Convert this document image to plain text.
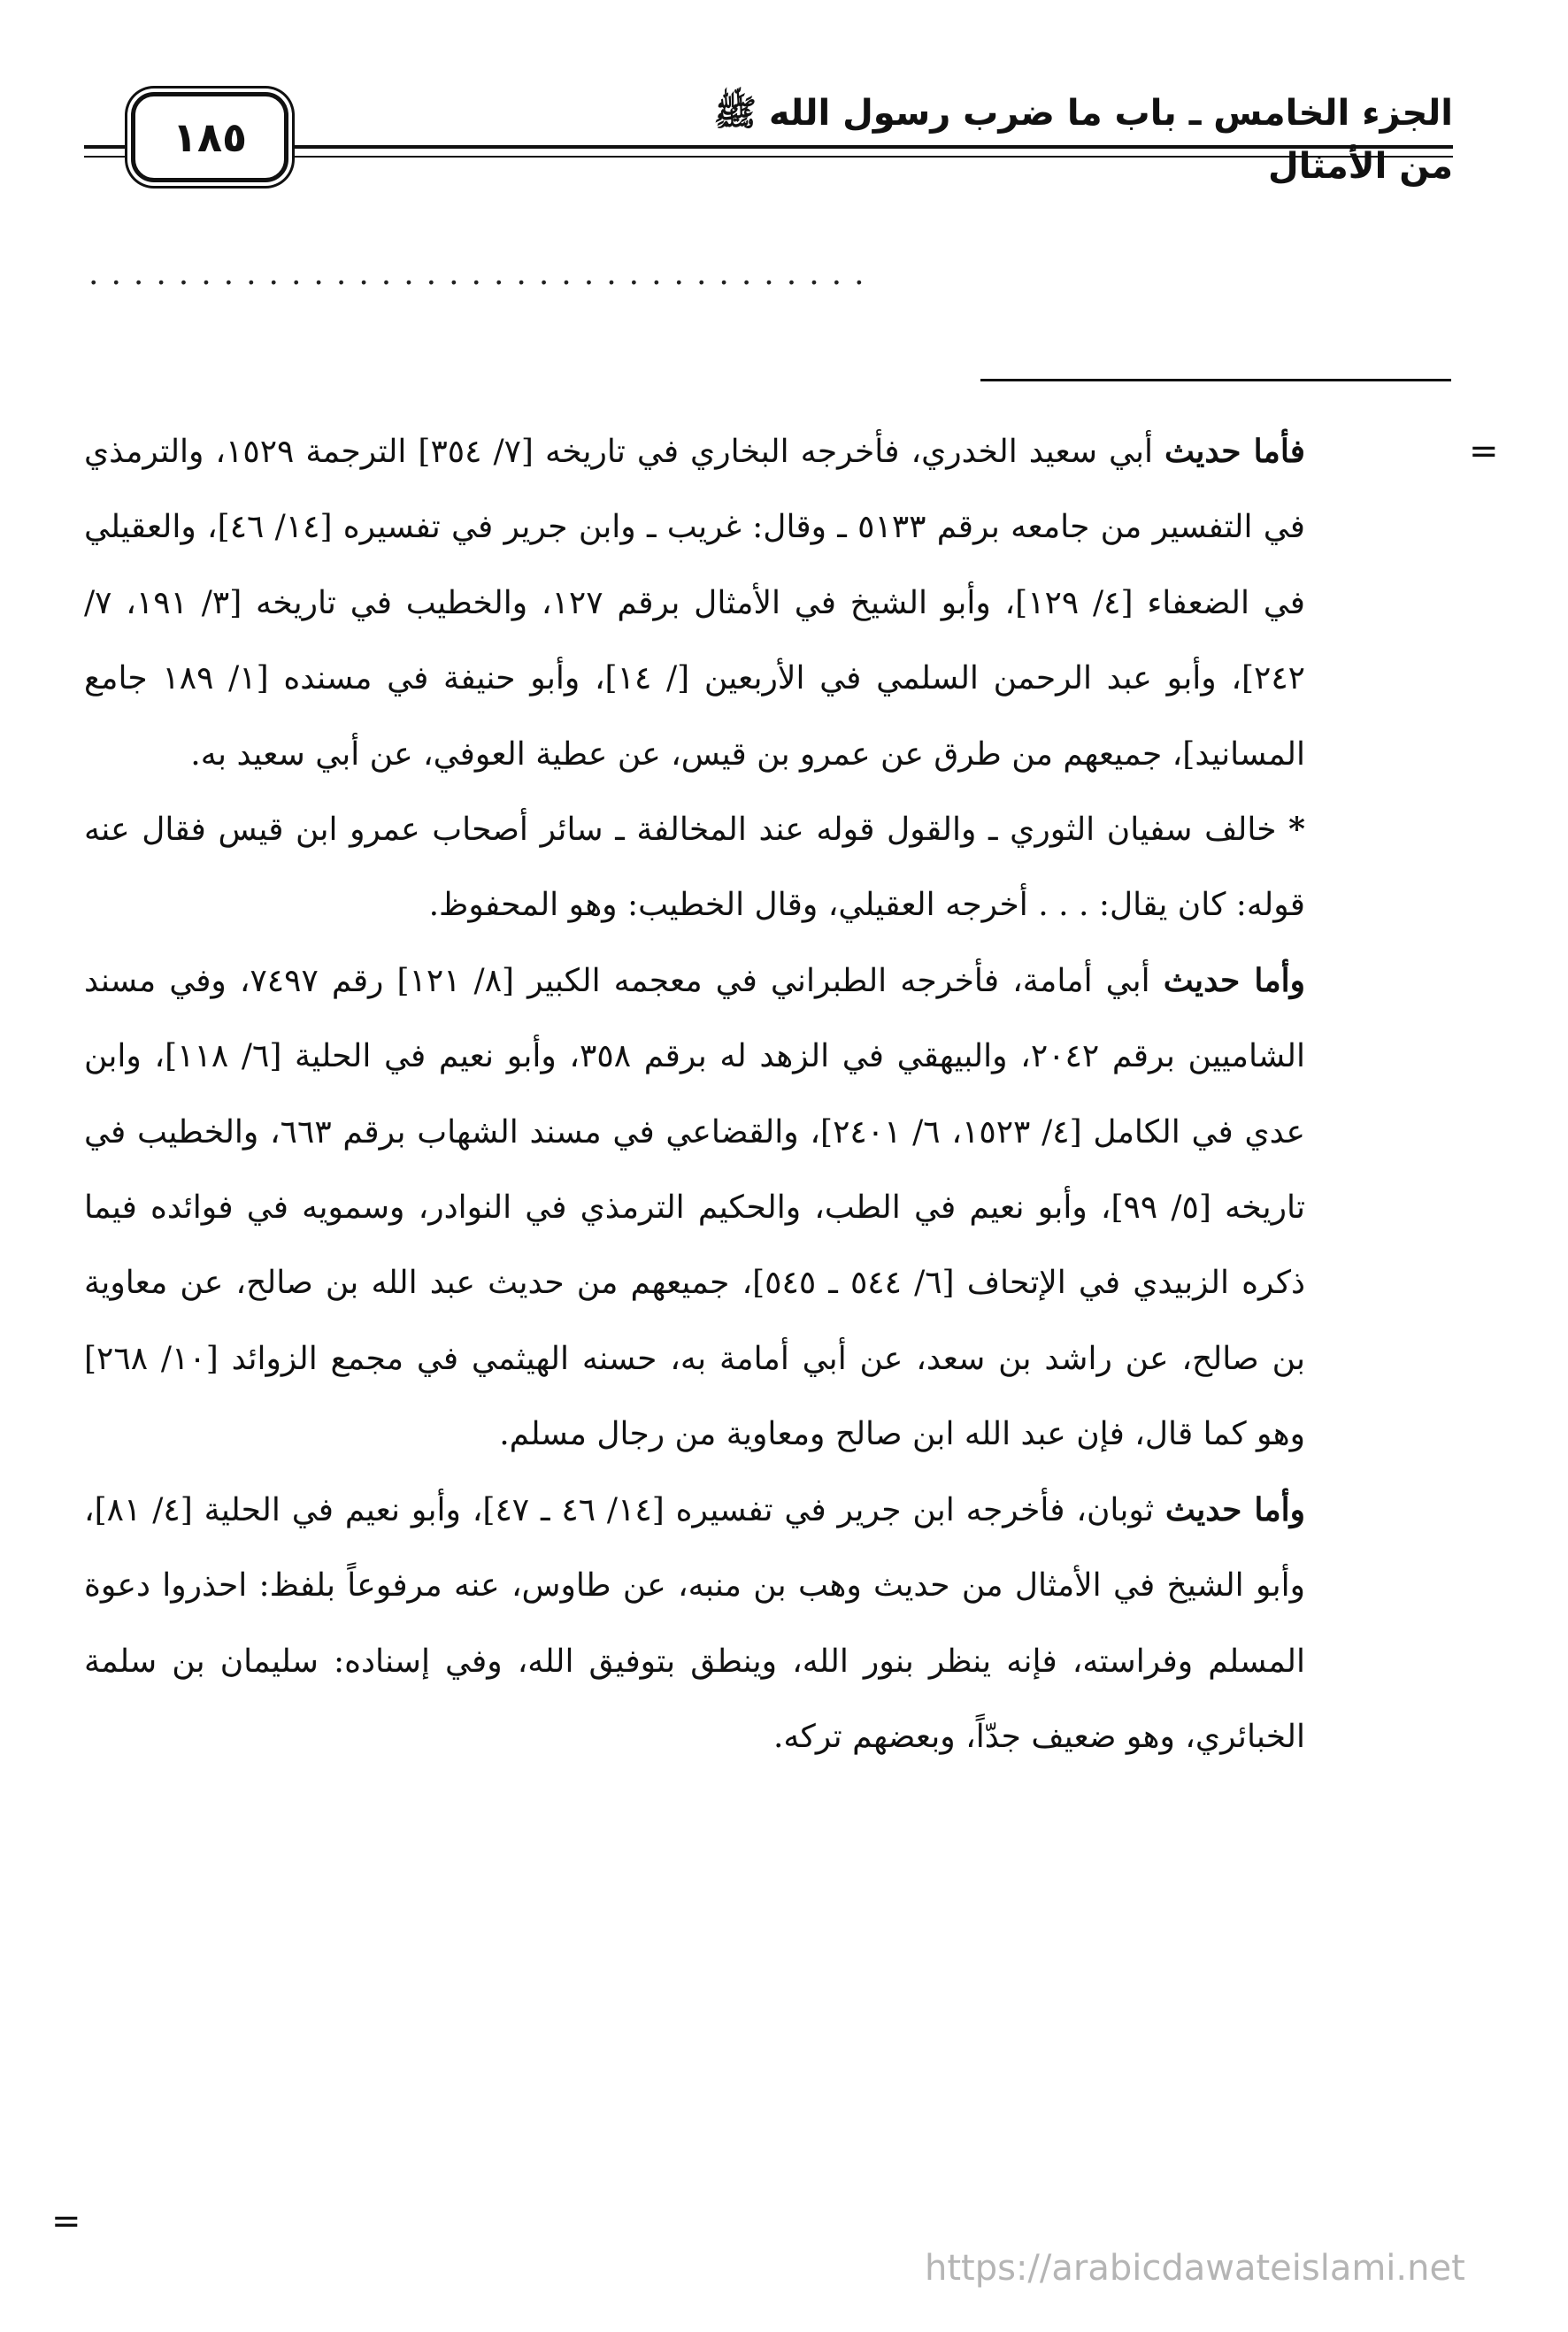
الجزء الخامس ـ باب ما ضرب رسول الله ﷺ من الأمثال
١٨٥
...................................
=

فأما حديث أبي سعيد الخدري، فأخرجه البخاري في تاريخه [٧/ ٣٥٤] الترجمة ١٥٢٩، والترمذي في التفسير من جامعه برقم ٥١٣٣ ـ وقال: غريب ـ وابن جرير في تفسيره [١٤/ ٤٦]، والعقيلي في الضعفاء [٤/ ١٢٩]، وأبو الشيخ في الأمثال برقم ١٢٧، والخطيب في تاريخه [٣/ ١٩١، ٧/ ٢٤٢]، وأبو عبد الرحمن السلمي في الأربعين [/ ١٤]، وأبو حنيفة في مسنده [١/ ١٨٩ جامع المسانيد]، جميعهم من طرق عن عمرو بن قيس، عن عطية العوفي، عن أبي سعيد به.

* خالف سفيان الثوري ـ والقول قوله عند المخالفة ـ سائر أصحاب عمرو ابن قيس فقال عنه قوله: كان يقال: . . . أخرجه العقيلي، وقال الخطيب: وهو المحفوظ.

وأما حديث أبي أمامة، فأخرجه الطبراني في معجمه الكبير [٨/ ١٢١] رقم ٧٤٩٧، وفي مسند الشاميين برقم ٢٠٤٢، والبيهقي في الزهد له برقم ٣٥٨، وأبو نعيم في الحلية [٦/ ١١٨]، وابن عدي في الكامل [٤/ ١٥٢٣، ٦/ ٢٤٠١]، والقضاعي في مسند الشهاب برقم ٦٦٣، والخطيب في تاريخه [٥/ ٩٩]، وأبو نعيم في الطب، والحكيم الترمذي في النوادر، وسمويه في فوائده فيما ذكره الزبيدي في الإتحاف [٦/ ٥٤٤ ـ ٥٤٥]، جميعهم من حديث عبد الله بن صالح، عن معاوية بن صالح، عن راشد بن سعد، عن أبي أمامة به، حسنه الهيثمي في مجمع الزوائد [١٠/ ٢٦٨] وهو كما قال، فإن عبد الله ابن صالح ومعاوية من رجال مسلم.

وأما حديث ثوبان، فأخرجه ابن جرير في تفسيره [١٤/ ٤٦ ـ ٤٧]، وأبو نعيم في الحلية [٤/ ٨١]، وأبو الشيخ في الأمثال من حديث وهب بن منبه، عن طاوس، عنه مرفوعاً بلفظ: احذروا دعوة المسلم وفراسته، فإنه ينظر بنور الله، وينطق بتوفيق الله، وفي إسناده: سليمان بن سلمة الخبائري، وهو ضعيف جدّاً، وبعضهم تركه.

=
https://arabicdawateislami.net
